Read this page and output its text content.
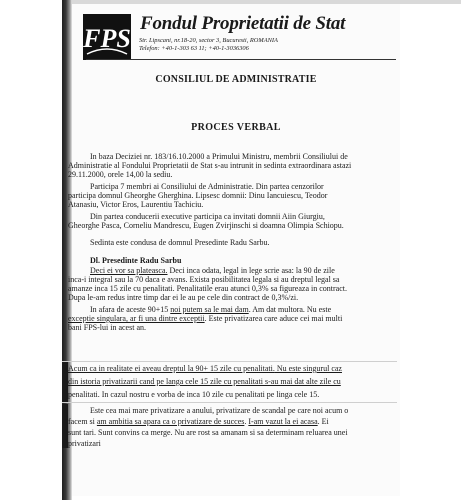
FPS
Fondul Proprietatii de Stat
Str. Lipscani, nr.18-20, sector 3, Bucuresti, ROMANIA
Telefon: +40-1-303 63 11; +40-1-3036306
CONSILIUL DE ADMINISTRATIE
PROCES VERBAL
In baza Deciziei nr. 183/16.10.2000 a Primului Ministru, membrii Consiliului de
Administratie al Fondului Proprietatii de Stat s-au intrunit in sedinta extraordinara astazi
29.11.2000, orele 14,00 la sediu.
Participa 7 membri ai Consiliului de Administratie. Din partea cenzorilor
participa domnul Gheorghe Gherghina. Lipsesc domnii: Dinu Iancuiescu, Teodor
Atanasiu, Victor Eros, Laurentiu Tachiciu.
Din partea conducerii executive participa ca invitati domnii Aiin Giurgiu,
Gheorghe Pasca, Corneliu Mandrescu, Eugen Zvirjinschi si doamna Olimpia Schiopu.
Sedinta este condusa de domnul Presedinte Radu Sarbu.
Dl. Presedinte Radu Sarbu
Deci ei vor sa plateasca. Deci inca odata, legal in lege scrie asa: la 90 de zile
inca-i integral sau la 70 daca e avans. Exista posibilitatea legala si au dreptul legal sa
amanze inca 15 zile cu penalitati. Penalitatile erau atunci 0,3% sa figureaza in contract.
Dupa le-am redus intre timp dar ei le au pe cele din contract de 0,3%/zi.
In afara de aceste 90+15 noi putem sa le mai dam. Am dat multora. Nu este
exceptie singulara, ar fi una dintre exceptii. Este privatizarea care aduce cei mai multi
bani FPS-lui in acest an.
Acum ca in realitate ei aveau dreptul la 90+ 15 zile cu penalitati. Nu este singurul caz
din istoria privatizarii cand pe langa cele 15 zile cu penalitati s-au mai dat alte zile cu
penalitati. In cazul nostru e vorba de inca 10 zile cu penalitati pe linga cele 15.
Este cea mai mare privatizare a anului, privatizare de scandal pe care noi acum o
facem si am ambitia sa apara ca o privatizare de succes. I-am vazut la ei acasa. Ei
sunt tari. Sunt convins ca merge. Nu are rost sa amanam si sa determinam reluarea unei
privatizari
